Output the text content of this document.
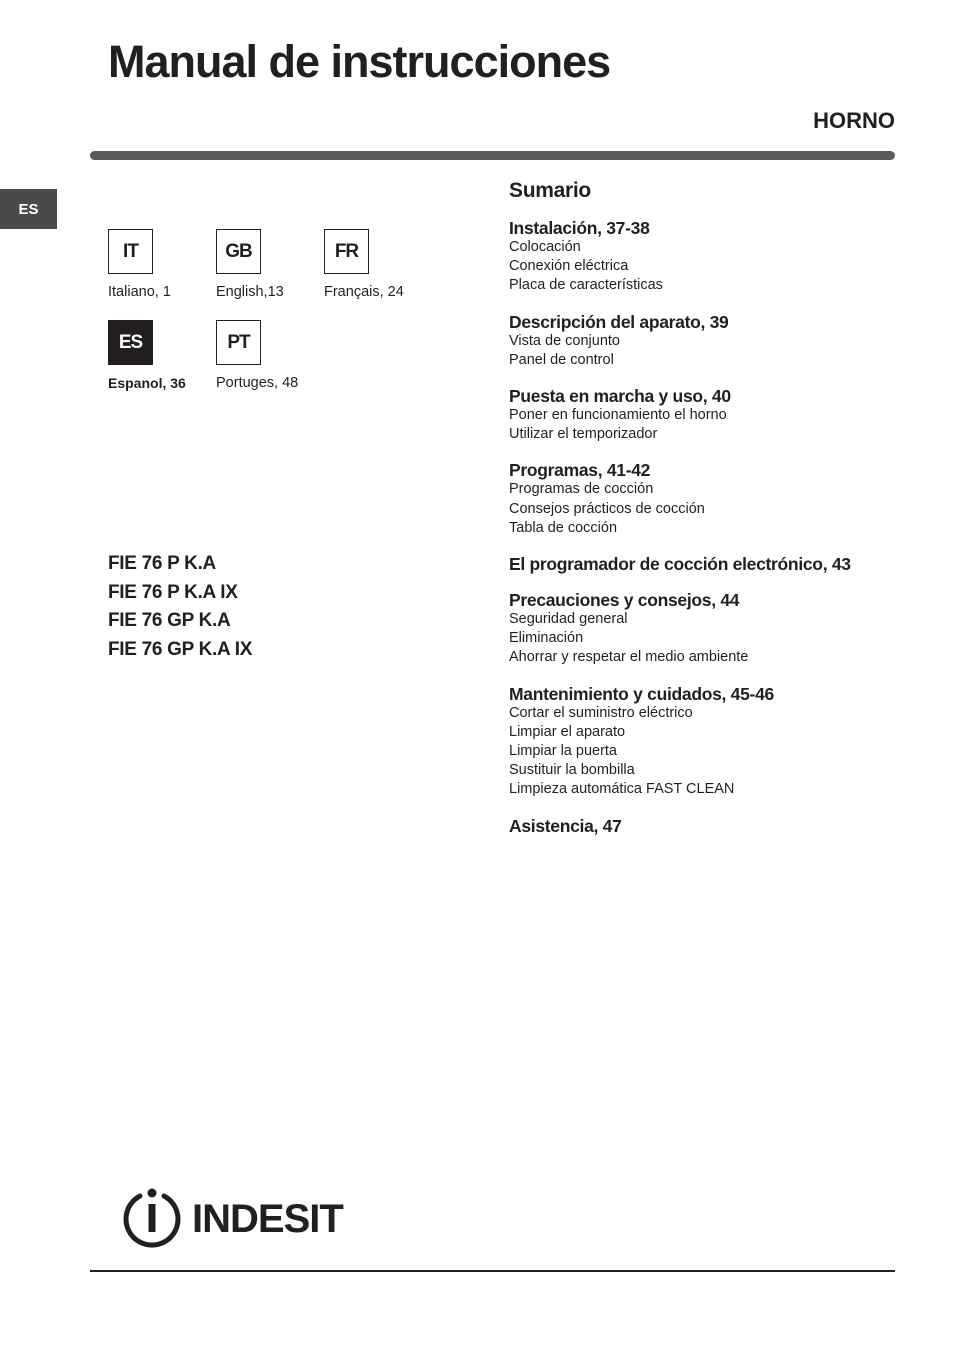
Manual de instrucciones
HORNO
ES
IT
Italiano, 1
GB
English,13
FR
Français, 24
ES
Espanol, 36
PT
Portuges, 48
FIE 76 P K.A
FIE 76 P K.A IX
FIE 76 GP K.A
FIE 76 GP K.A IX
Sumario
Instalación, 37-38
Colocación
Conexión eléctrica
Placa de características
Descripción del aparato, 39
Vista de conjunto
Panel de control
Puesta en marcha y uso, 40
Poner en funcionamiento el horno
Utilizar el temporizador
Programas, 41-42
Programas de cocción
Consejos prácticos de cocción
Tabla de cocción
El programador de cocción electrónico, 43
Precauciones y consejos, 44
Seguridad general
Eliminación
Ahorrar y respetar el medio ambiente
Mantenimiento y cuidados, 45-46
Cortar el suministro eléctrico
Limpiar el aparato
Limpiar la puerta
Sustituir la bombilla
Limpieza automática FAST CLEAN
Asistencia, 47
INDESIT
